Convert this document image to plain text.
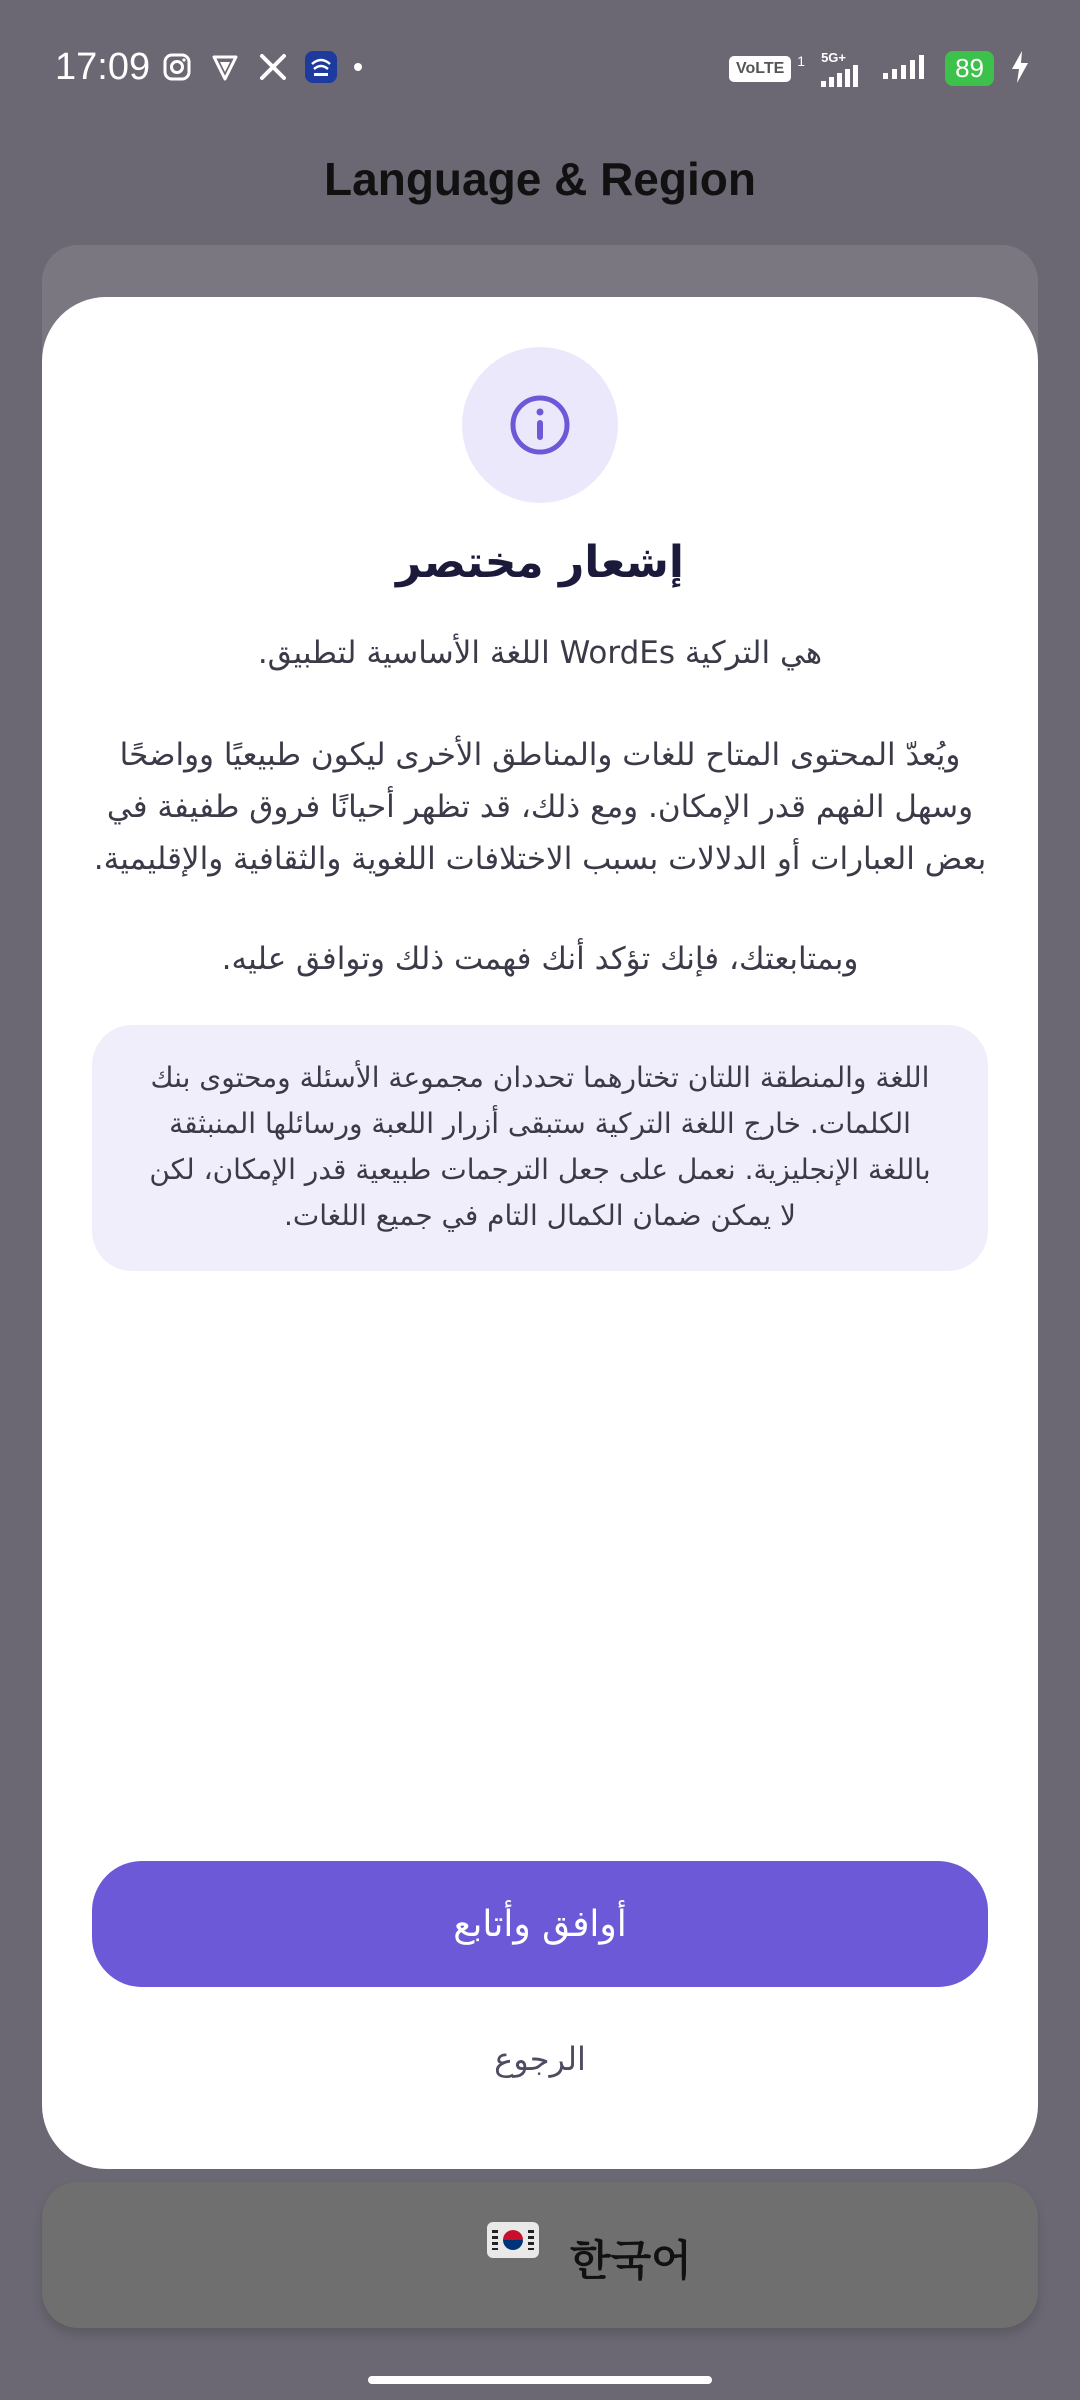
17:09	VoLTE 1 5G+	89
Language & Region
한국어
إشعار مختصر

هي التركية WordEs اللغة الأساسية لتطبيق.

ويُعدّ المحتوى المتاح للغات والمناطق الأخرى ليكون طبيعيًا وواضحًا وسهل الفهم قدر الإمكان. ومع ذلك، قد تظهر أحيانًا فروق طفيفة في بعض العبارات أو الدلالات بسبب الاختلافات اللغوية والثقافية والإقليمية.

وبمتابعتك، فإنك تؤكد أنك فهمت ذلك وتوافق عليه.

اللغة والمنطقة اللتان تختارهما تحددان مجموعة الأسئلة ومحتوى بنك الكلمات. خارج اللغة التركية ستبقى أزرار اللعبة ورسائلها المنبثقة باللغة الإنجليزية. نعمل على جعل الترجمات طبيعية قدر الإمكان، لكن لا يمكن ضمان الكمال التام في جميع اللغات.
أوافق وأتابع
الرجوع
